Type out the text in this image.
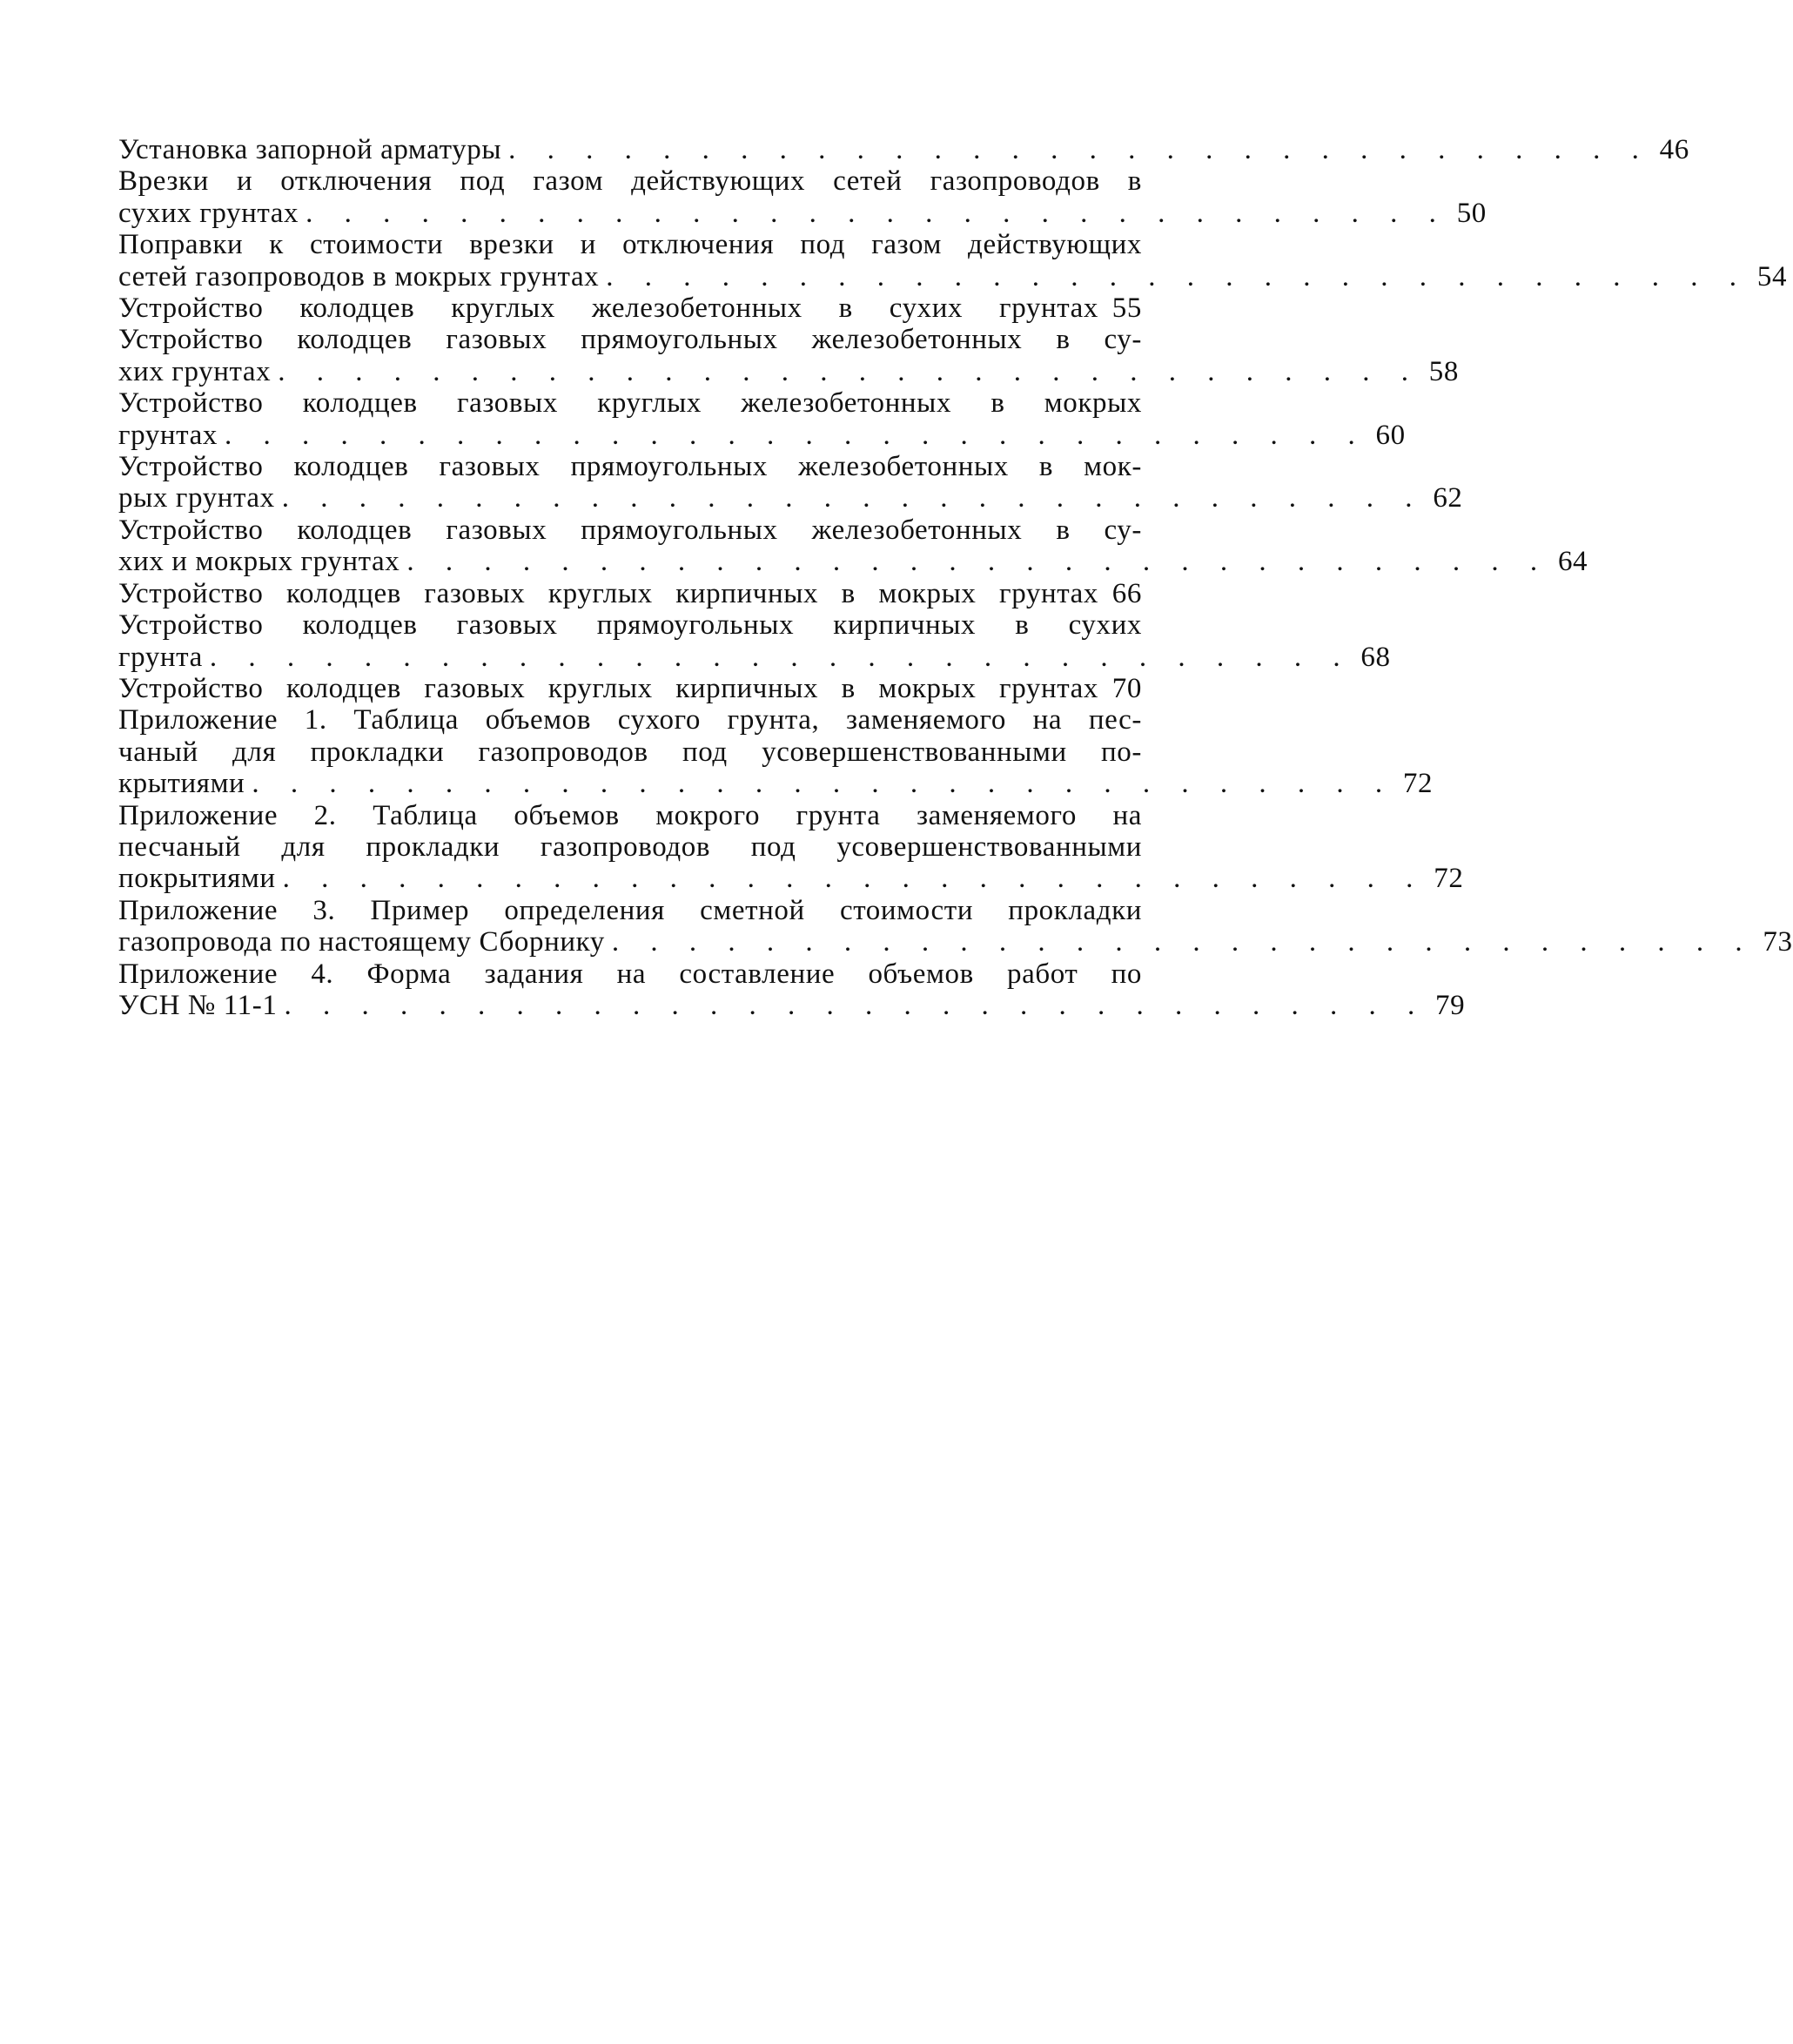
Установка запорной арматуры . . . . . . . . . . . . . . . . . . . . . . . . . . . . . . 46
Врезки и отключения под газом действующих сетей газопроводов в
сухих грунтах . . . . . . . . . . . . . . . . . . . . . . . . . . . . . . 50
Поправки к стоимости врезки и отключения под газом действующих
сетей газопроводов в мокрых грунтах . . . . . . . . . . . . . . . . . . . . . . . . . . . . . . 54
Устройство колодцев круглых железобетонных в сухих грунтах 55
Устройство колодцев газовых прямоугольных железобетонных в су-
хих грунтах . . . . . . . . . . . . . . . . . . . . . . . . . . . . . . 58
Устройство колодцев газовых круглых железобетонных в мокрых
грунтах . . . . . . . . . . . . . . . . . . . . . . . . . . . . . . 60
Устройство колодцев газовых прямоугольных железобетонных в мок-
рых грунтах . . . . . . . . . . . . . . . . . . . . . . . . . . . . . . 62
Устройство колодцев газовых прямоугольных железобетонных в су-
хих и мокрых грунтах . . . . . . . . . . . . . . . . . . . . . . . . . . . . . . 64
Устройство колодцев газовых круглых кирпичных в мокрых грунтах 66
Устройство колодцев газовых прямоугольных кирпичных в сухих
грунта . . . . . . . . . . . . . . . . . . . . . . . . . . . . . . 68
Устройство колодцев газовых круглых кирпичных в мокрых грунтах 70
Приложение 1. Таблица объемов сухого грунта, заменяемого на пес-
чаный для прокладки газопроводов под усовершенствованными по-
крытиями . . . . . . . . . . . . . . . . . . . . . . . . . . . . . . 72
Приложение 2. Таблица объемов мокрого грунта заменяемого на
песчаный для прокладки газопроводов под усовершенствованными
покрытиями . . . . . . . . . . . . . . . . . . . . . . . . . . . . . . 72
Приложение 3. Пример определения сметной стоимости прокладки
газопровода по настоящему Сборнику . . . . . . . . . . . . . . . . . . . . . . . . . . . . . . 73
Приложение 4. Форма задания на составление объемов работ по
УСН № 11-1 . . . . . . . . . . . . . . . . . . . . . . . . . . . . . . 79
